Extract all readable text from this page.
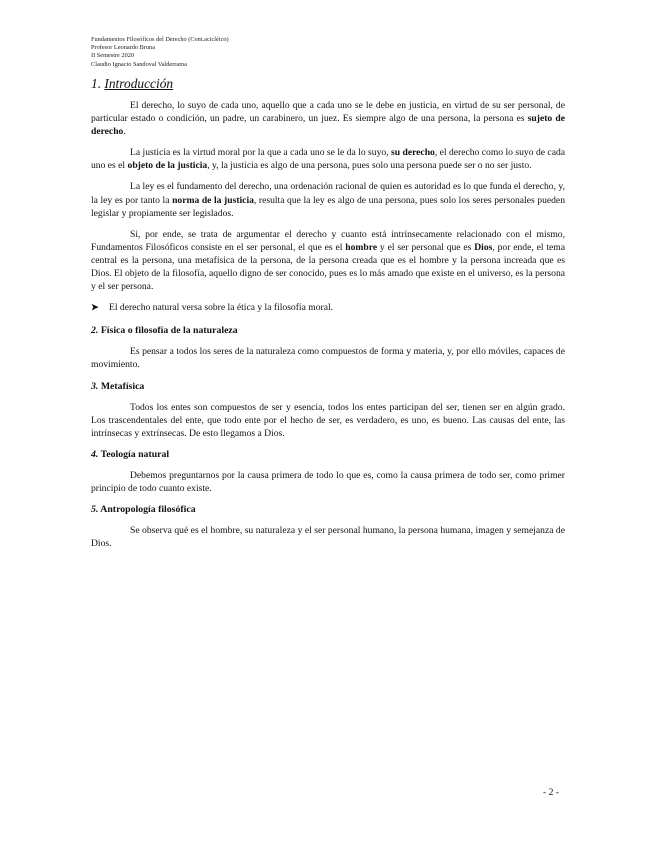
Fundamentos Filosóficos del Derecho (Cont.acicléico)
Profesor Leonardo Bruna
II Semestre 2020
Claudio Ignacio Sandoval Valderrama
1. Introducción

El derecho, lo suyo de cada uno, aquello que a cada uno se le debe en justicia, en virtud de su ser personal, de particular estado o condición, un padre, un carabinero, un juez. Es siempre algo de una persona, la persona es sujeto de derecho.

La justicia es la virtud moral por la que a cada uno se le da lo suyo, su derecho, el derecho como lo suyo de cada uno es el objeto de la justicia, y, la justicia es algo de una persona, pues solo una persona puede ser o no ser justo.

La ley es el fundamento del derecho, una ordenación racional de quien es autoridad es lo que funda el derecho, y, la ley es por tanto la norma de la justicia, resulta que la ley es algo de una persona, pues solo los seres personales pueden legislar y propiamente ser legislados.

Si, por ende, se trata de argumentar el derecho y cuanto está intrínsecamente relacionado con el mismo, Fundamentos Filosóficos consiste en el ser personal, el que es el hombre y el ser personal que es Dios, por ende, el tema central es la persona, una metafísica de la persona, de la persona creada que es el hombre y la persona increada que es Dios. El objeto de la filosofía, aquello digno de ser conocido, pues es lo más amado que existe en el universo, es la persona y el ser persona.

➤ El derecho natural versa sobre la ética y la filosofía moral.
2. Física o filosofía de la naturaleza

Es pensar a todos los seres de la naturaleza como compuestos de forma y materia, y, por ello móviles, capaces de movimiento.

3. Metafísica

Todos los entes son compuestos de ser y esencia, todos los entes participan del ser, tienen ser en algún grado. Los trascendentales del ente, que todo ente por el hecho de ser, es verdadero, es uno, es bueno. Las causas del ente, las intrínsecas y extrínsecas. De esto llegamos a Dios.

4. Teología natural

Debemos preguntarnos por la causa primera de todo lo que es, como la causa primera de todo ser, como primer principio de todo cuanto existe.

5. Antropología filosófica

Se observa qué es el hombre, su naturaleza y el ser personal humano, la persona humana, imagen y semejanza de Dios.

- 2 -
